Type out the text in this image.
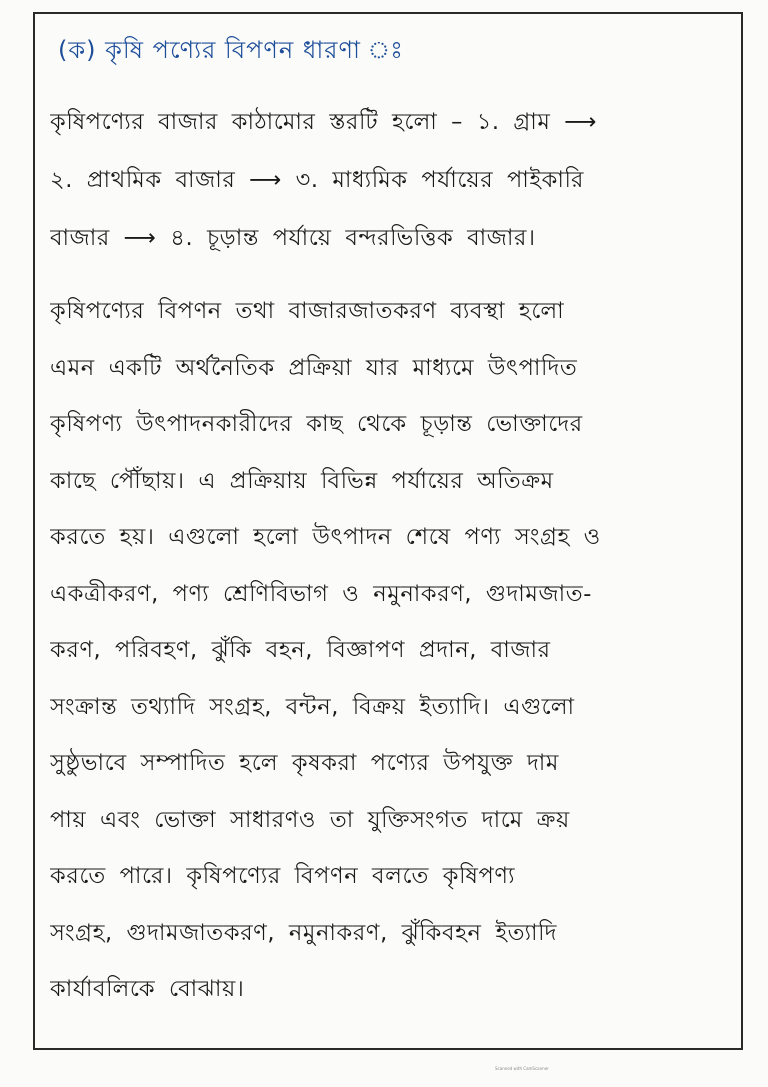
(ক) কৃষি পণ্যের বিপণন ধারণা ঃ
কৃষিপণ্যের বাজার কাঠামোর স্তরটি হলো – ১. গ্রাম ⟶
২. প্রাথমিক বাজার ⟶ ৩. মাধ্যমিক পর্যায়ের পাইকারি
বাজার ⟶ ৪. চূড়ান্ত পর্যায়ে বন্দরভিত্তিক বাজার।
কৃষিপণ্যের বিপণন তথা বাজারজাতকরণ ব্যবস্থা হলো
এমন একটি অর্থনৈতিক প্রক্রিয়া যার মাধ্যমে উৎপাদিত
কৃষিপণ্য উৎপাদনকারীদের কাছ থেকে চূড়ান্ত ভোক্তাদের
কাছে পৌঁছায়। এ প্রক্রিয়ায় বিভিন্ন পর্যায়ের অতিক্রম
করতে হয়। এগুলো হলো উৎপাদন শেষে পণ্য সংগ্রহ ও
একত্রীকরণ, পণ্য শ্রেণিবিভাগ ও নমুনাকরণ, গুদামজাত-
করণ, পরিবহণ, ঝুঁকি বহন, বিজ্ঞাপণ প্রদান, বাজার
সংক্রান্ত তথ্যাদি সংগ্রহ, বন্টন, বিক্রয় ইত্যাদি। এগুলো
সুষ্ঠুভাবে সম্পাদিত হলে কৃষকরা পণ্যের উপযুক্ত দাম
পায় এবং ভোক্তা সাধারণও তা যুক্তিসংগত দামে ক্রয়
করতে পারে। কৃষিপণ্যের বিপণন বলতে কৃষিপণ্য
সংগ্রহ, গুদামজাতকরণ, নমুনাকরণ, ঝুঁকিবহন ইত্যাদি
কার্যাবলিকে বোঝায়।
Scanned with CamScanner
